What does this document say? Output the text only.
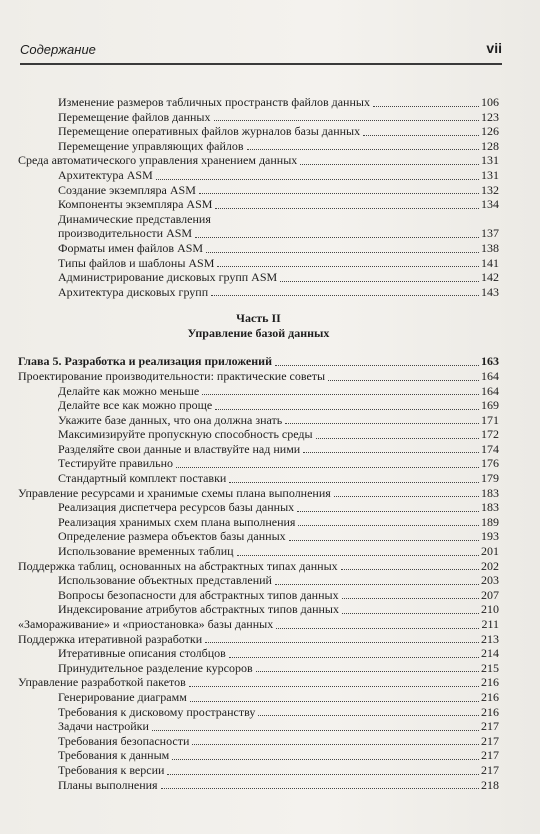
Содержание	vii
Изменение размеров табличных пространств файлов данных	106
Перемещение файлов данных	123
Перемещение оперативных файлов журналов базы данных	126
Перемещение управляющих файлов	128
Среда автоматического управления хранением данных	131
Архитектура ASM	131
Создание экземпляра ASM	132
Компоненты экземпляра ASM	134
Динамические представления
производительности ASM	137
Форматы имен файлов ASM	138
Типы файлов и шаблоны ASM	141
Администрирование дисковых групп ASM	142
Архитектура дисковых групп	143
Часть II
Управление базой данных
Глава 5. Разработка и реализация приложений	163
Проектирование производительности: практические советы	164
Делайте как можно меньше	164
Делайте все как можно проще	169
Укажите базе данных, что она должна знать	171
Максимизируйте пропускную способность среды	172
Разделяйте свои данные и властвуйте над ними	174
Тестируйте правильно	176
Стандартный комплект поставки	179
Управление ресурсами и хранимые схемы плана выполнения	183
Реализация диспетчера ресурсов базы данных	183
Реализация хранимых схем плана выполнения	189
Определение размера объектов базы данных	193
Использование временных таблиц	201
Поддержка таблиц, основанных на абстрактных типах данных	202
Использование объектных представлений	203
Вопросы безопасности для абстрактных типов данных	207
Индексирование атрибутов абстрактных типов данных	210
«Замораживание» и «приостановка» базы данных	211
Поддержка итеративной разработки	213
Итеративные описания столбцов	214
Принудительное разделение курсоров	215
Управление разработкой пакетов	216
Генерирование диаграмм	216
Требования к дисковому пространству	216
Задачи настройки	217
Требования безопасности	217
Требования к данным	217
Требования к версии	217
Планы выполнения	218
